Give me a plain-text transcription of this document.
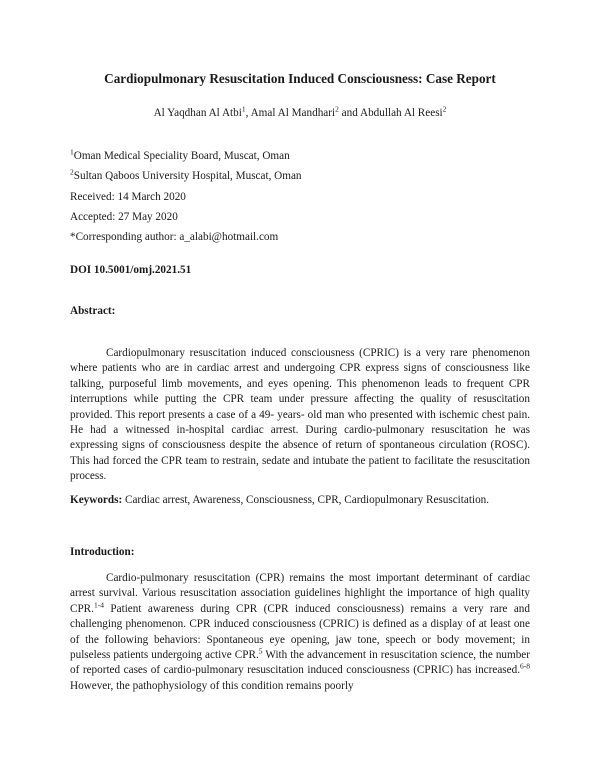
Cardiopulmonary Resuscitation Induced Consciousness: Case Report

Al Yaqdhan Al Atbi$^1$, Amal Al Mandhari$^2$ and Abdullah Al Reesi$^2$

$^1$Oman Medical Speciality Board, Muscat, Oman

$^2$Sultan Qaboos University Hospital, Muscat, Oman

Received: 14 March 2020

Accepted: 27 May 2020

*Corresponding author: a_alabi@hotmail.com

DOI 10.5001/omj.2021.51

Abstract:

Cardiopulmonary resuscitation induced consciousness (CPRIC) is a very rare phenomenon where patients who are in cardiac arrest and undergoing CPR express signs of consciousness like talking, purposeful limb movements, and eyes opening. This phenomenon leads to frequent CPR interruptions while putting the CPR team under pressure affecting the quality of resuscitation provided. This report presents a case of a 49- years- old man who presented with ischemic chest pain. He had a witnessed in-hospital cardiac arrest. During cardio-pulmonary resuscitation he was expressing signs of consciousness despite the absence of return of spontaneous circulation (ROSC). This had forced the CPR team to restrain, sedate and intubate the patient to facilitate the resuscitation process.

Keywords: Cardiac arrest, Awareness, Consciousness, CPR, Cardiopulmonary Resuscitation.

Introduction:

Cardio-pulmonary resuscitation (CPR) remains the most important determinant of cardiac arrest survival. Various resuscitation association guidelines highlight the importance of high quality CPR.$^{1-4}$ Patient awareness during CPR (CPR induced consciousness) remains a very rare and challenging phenomenon. CPR induced consciousness (CPRIC) is defined as a display of at least one of the following behaviors: Spontaneous eye opening, jaw tone, speech or body movement; in pulseless patients undergoing active CPR.$^5$ With the advancement in resuscitation science, the number of reported cases of cardio-pulmonary resuscitation induced consciousness (CPRIC) has increased.$^{6-8}$ However, the pathophysiology of this condition remains poorly
